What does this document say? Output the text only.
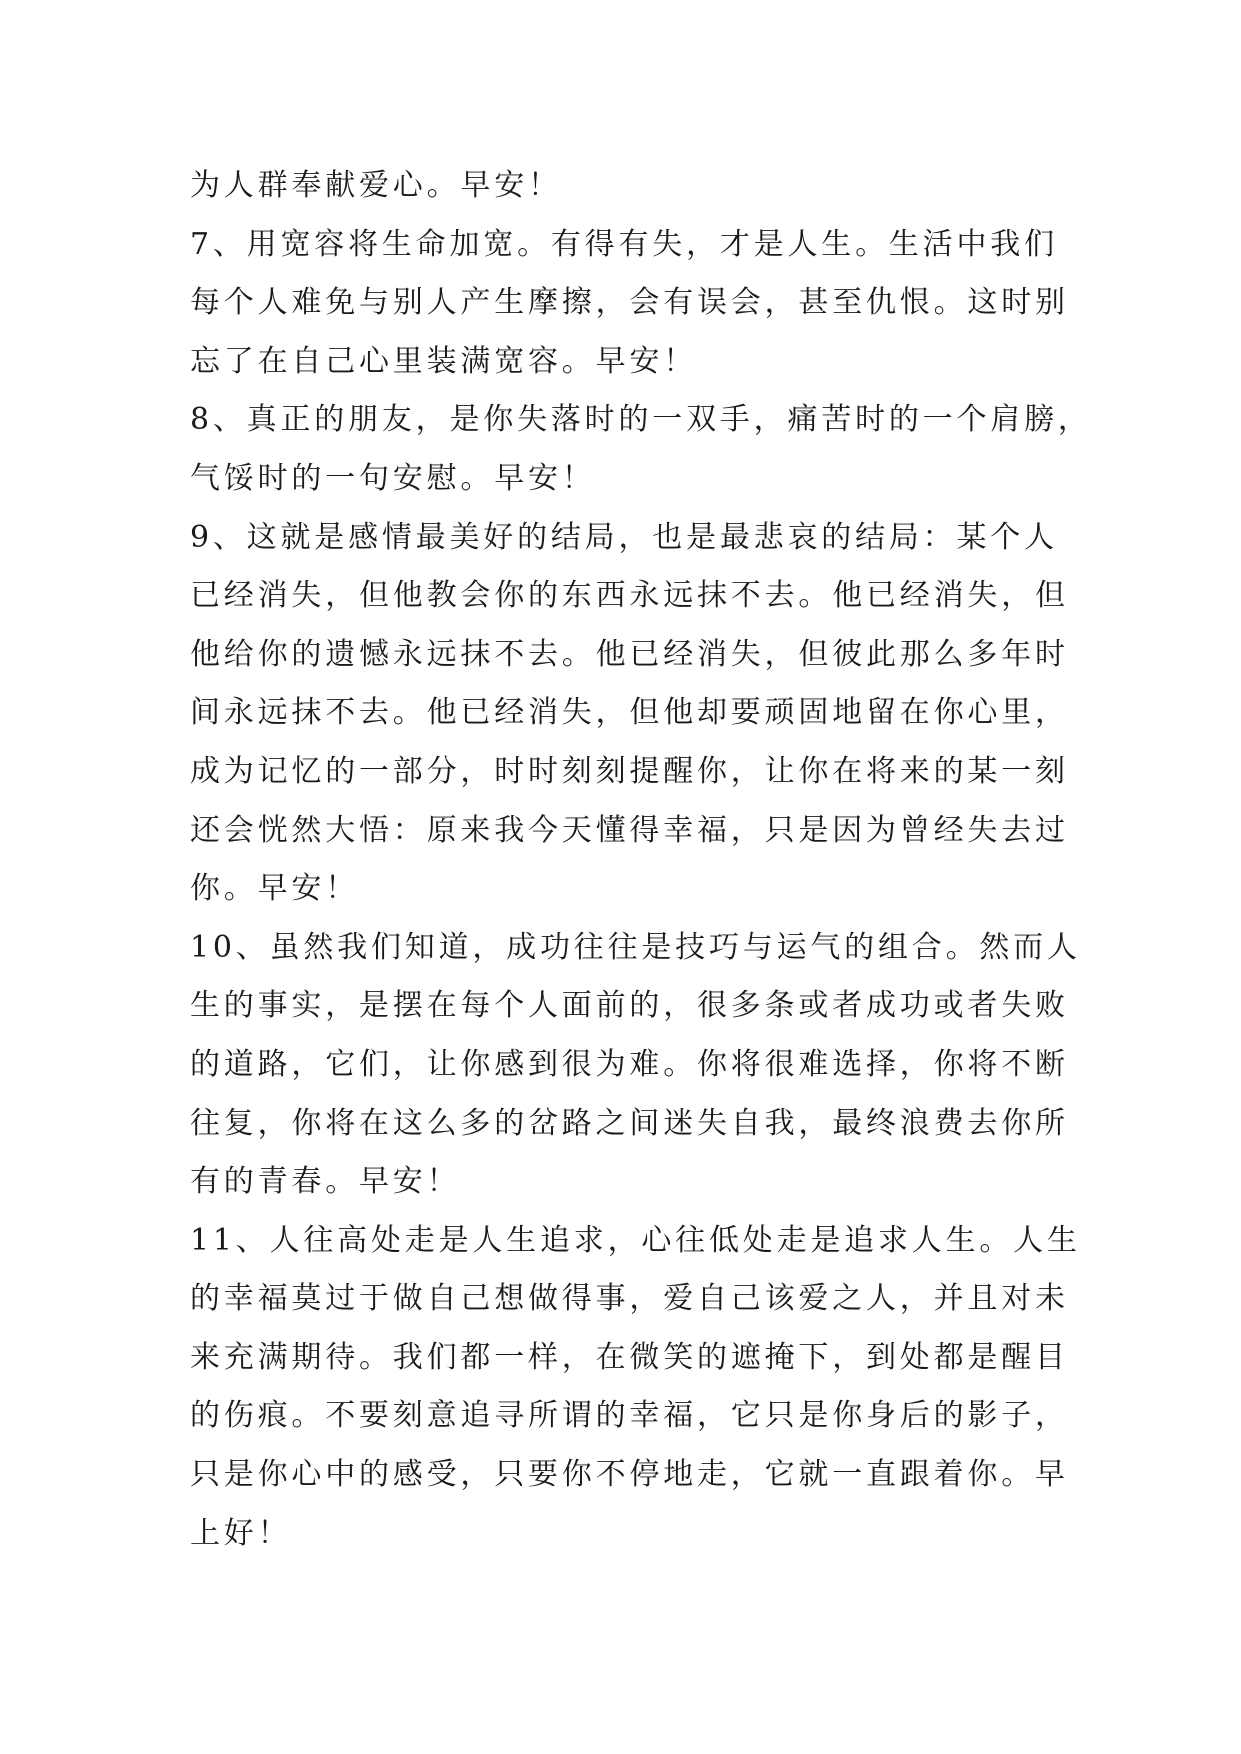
为人群奉献爱心。早安！
7、用宽容将生命加宽。有得有失，才是人生。生活中我们
每个人难免与别人产生摩擦，会有误会，甚至仇恨。这时别
忘了在自己心里装满宽容。早安！
8、真正的朋友，是你失落时的一双手，痛苦时的一个肩膀，
气馁时的一句安慰。早安！
9、这就是感情最美好的结局，也是最悲哀的结局：某个人
已经消失，但他教会你的东西永远抹不去。他已经消失，但
他给你的遗憾永远抹不去。他已经消失，但彼此那么多年时
间永远抹不去。他已经消失，但他却要顽固地留在你心里，
成为记忆的一部分，时时刻刻提醒你，让你在将来的某一刻
还会恍然大悟：原来我今天懂得幸福，只是因为曾经失去过
你。早安！
10、虽然我们知道，成功往往是技巧与运气的组合。然而人
生的事实，是摆在每个人面前的，很多条或者成功或者失败
的道路，它们，让你感到很为难。你将很难选择，你将不断
往复，你将在这么多的岔路之间迷失自我，最终浪费去你所
有的青春。早安！
11、人往高处走是人生追求，心往低处走是追求人生。人生
的幸福莫过于做自己想做得事，爱自己该爱之人，并且对未
来充满期待。我们都一样，在微笑的遮掩下，到处都是醒目
的伤痕。不要刻意追寻所谓的幸福，它只是你身后的影子，
只是你心中的感受，只要你不停地走，它就一直跟着你。早
上好！
